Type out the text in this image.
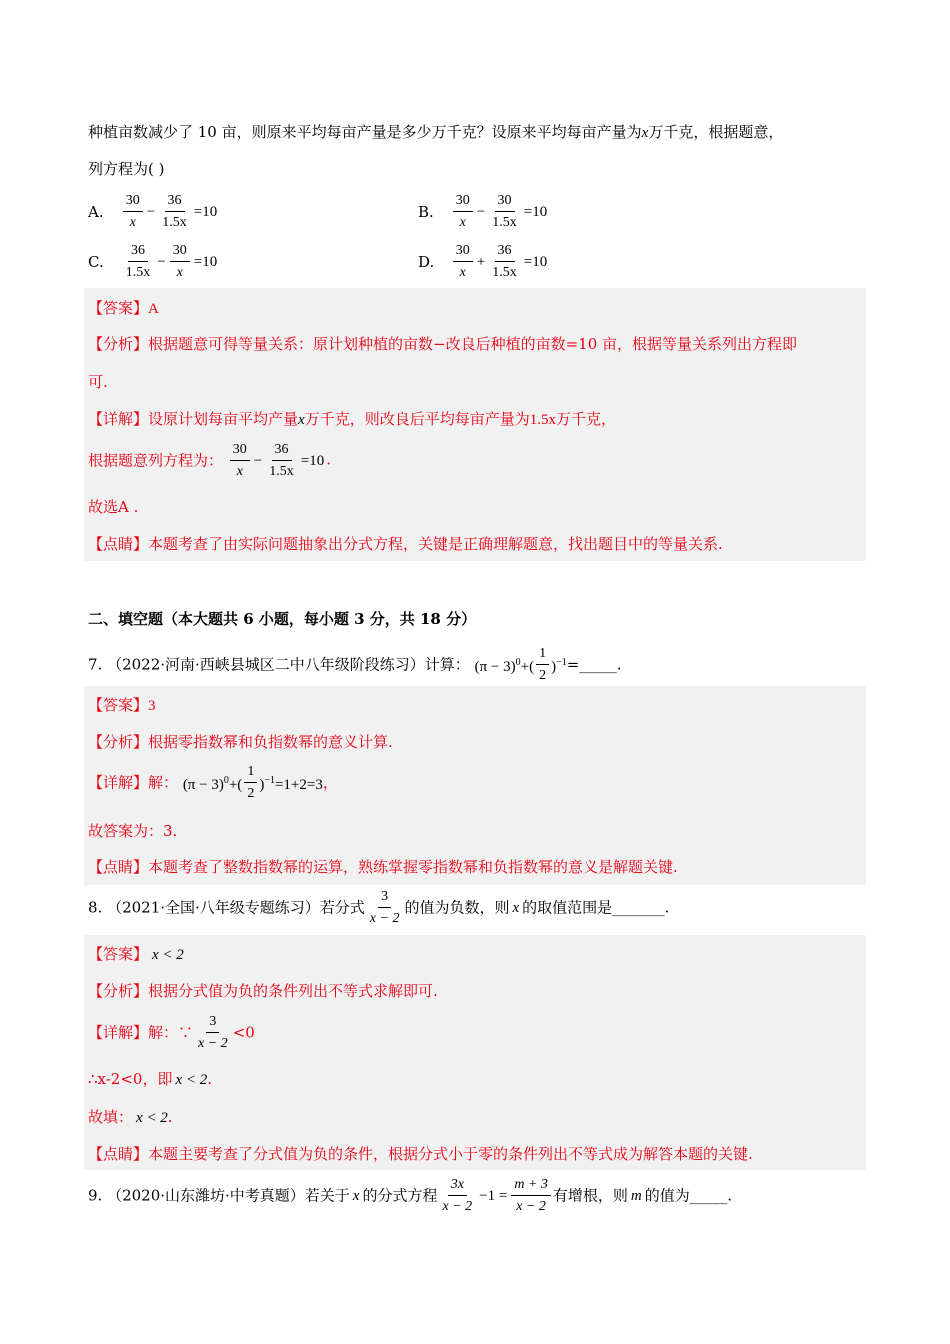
种植亩数减少了 10 亩，则原来平均每亩产量是多少万千克？设原来平均每亩产量为x万千克，根据题意，
列方程为( )
A. $\frac{30}{x} - \frac{36}{1.5x} =10$	B. $\frac{30}{x} - \frac{30}{1.5x} =10$
C. $\frac{36}{1.5x} - \frac{30}{x} =10$	D. $\frac{30}{x} + \frac{36}{1.5x} =10$
【答案】A
【分析】根据题意可得等量关系：原计划种植的亩数−改良后种植的亩数=10 亩，根据等量关系列出方程即
可.
【详解】设原计划每亩平均产量x万千克，则改良后平均每亩产量为1.5x万千克，
根据题意列方程为： $\frac{30}{x} - \frac{36}{1.5x} =10$ .
故选A .
【点睛】本题考查了由实际问题抽象出分式方程，关键是正确理解题意，找出题目中的等量关系.
二、填空题（本大题共 6 小题，每小题 3 分，共 18 分）
7. （2022·河南·西峡县城区二中八年级阶段练习）计算： $(\pi - 3)^0+( \frac{1}{2}$ )$^{-1}=\_\_\_\_\_$.
【答案】3
【分析】根据零指数幂和负指数幂的意义计算.
【详解】解： $(\pi - 3)^0+( \frac{1}{2} )^{-1}=1+2=3$，
故答案为：3.
【点睛】本题考查了整数指数幂的运算，熟练掌握零指数幂和负指数幂的意义是解题关键.
8. （2021·全国·八年级专题练习）若分式 $\frac{3}{x - 2}$ 的值为负数，则 x 的取值范围是_______.
【答案】 x < 2
【分析】根据分式值为负的条件列出不等式求解即可.
【详解】解：∵ $\frac{3}{x - 2} <0$
∴x-2<0，即 x < 2.
故填： x < 2.
【点睛】本题主要考查了分式值为负的条件，根据分式小于零的条件列出不等式成为解答本题的关键.
9. （2020·山东潍坊·中考真题）若关于 x 的分式方程 $\frac{3x}{x - 2} -1 = \frac{m + 3}{x - 2}$ 有增根，则 m 的值为_____.
